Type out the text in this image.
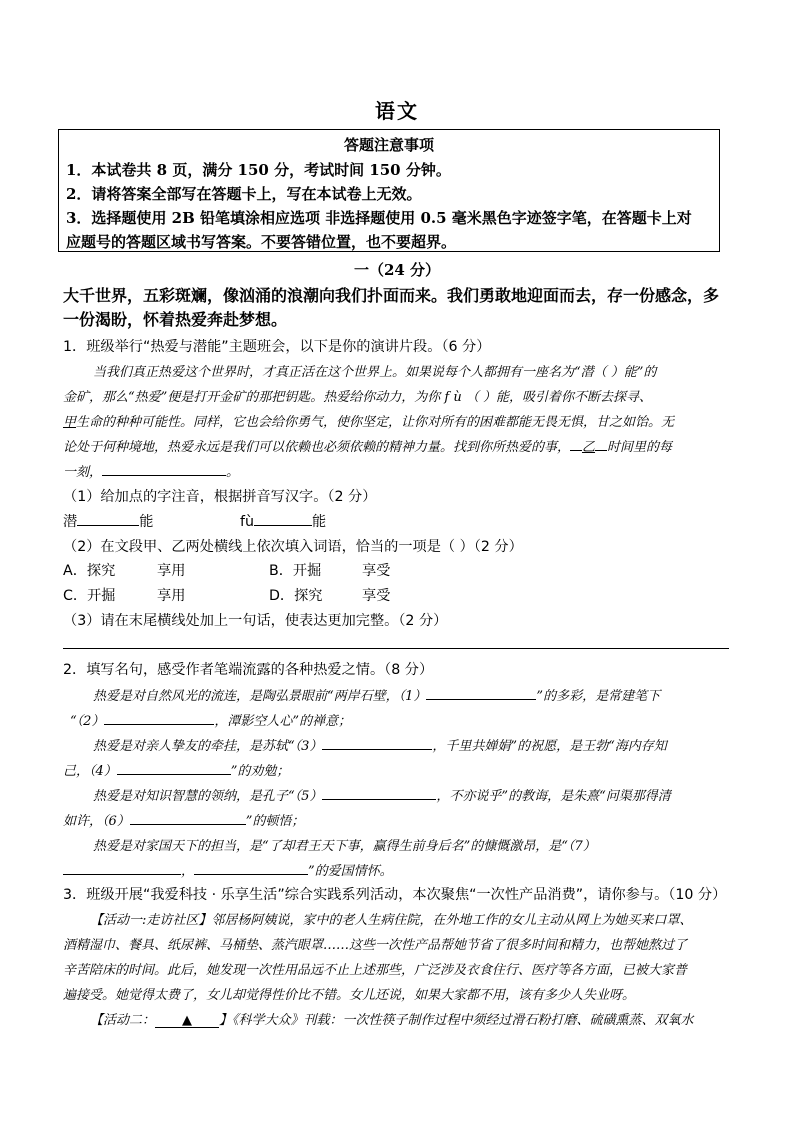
语文
答题注意事项
1．本试卷共 8 页，满分 150 分，考试时间 150 分钟。
2．请将答案全部写在答题卡上，写在本试卷上无效。
3．选择题使用 2B 铅笔填涂相应选项 非选择题使用 0.5 毫米黑色字迹签字笔，在答题卡上对
应题号的答题区域书写答案。不要答错位置，也不要超界。
一（24 分）
大千世界，五彩斑斓，像汹涌的浪潮向我们扑面而来。我们勇敢地迎面而去，存一份感念，多
一份渴盼，怀着热爱奔赴梦想。
1．班级举行“热爱与潜能”主题班会，以下是你的演讲片段。（6 分）
当我们真正热爱这个世界时，才真正活在这个世界上。如果说每个人都拥有一座名为“潜（ ）能”的
金矿，那么“热爱”便是打开金矿的那把钥匙。热爱给你动力，为你 f ù （ ）能，吸引着你不断去探寻、
甲生命的种种可能性。同样，它也会给你勇气，使你坚定，让你对所有的困难都能无畏无惧，甘之如饴。无
论处于何种境地，热爱永远是我们可以依赖也必须依赖的精神力量。找到你所热爱的事， 乙 时间里的每
一刻，	。
（1）给加点的字注音，根据拼音写汉字。（2 分）
潜	能	fù	能
（2）在文段甲、乙两处横线上依次填入词语，恰当的一项是（ ）（2 分）
A．探究	享用	B．开掘	享受
C．开掘	享用	D．探究	享受
（3）请在末尾横线处加上一句话，使表达更加完整。（2 分）
2．填写名句，感受作者笔端流露的各种热爱之情。（8 分）
热爱是对自然风光的流连，是陶弘景眼前“两岸石壁，（1）	”的多彩，是常建笔下
“（2）	，潭影空人心”的禅意；
热爱是对亲人挚友的牵挂，是苏轼“（3）	，千里共婵娟”的祝愿，是王勃“海内存知
己，（4）	”的劝勉；
热爱是对知识智慧的领纳，是孔子“（5）	，不亦说乎”的教诲，是朱熹“问渠那得清
如许，（6）	”的顿悟；
热爱是对家国天下的担当，是“了却君王天下事，赢得生前身后名”的慷慨激昂，是“（7）
，	”的爱国情怀。
3．班级开展“我爱科技 · 乐享生活”综合实践系列活动，本次聚焦“一次性产品消费”，请你参与。（10 分）
【活动一:走访社区】邻居杨阿姨说，家中的老人生病住院，在外地工作的女儿主动从网上为她买来口罩、
酒精湿巾、餐具、纸尿裤、马桶垫、蒸汽眼罩……这些一次性产品帮她节省了很多时间和精力，也帮她熬过了
辛苦陪床的时间。此后，她发现一次性用品远不止上述那些，广泛涉及衣食住行、医疗等各方面，已被大家普
遍接受。她觉得太费了，女儿却觉得性价比不错。女儿还说，如果大家都不用，该有多少人失业呀。
【活动二： ▲ 】《科学大众》刊载：一次性筷子制作过程中须经过滑石粉打磨、硫磺熏蒸、双氧水
